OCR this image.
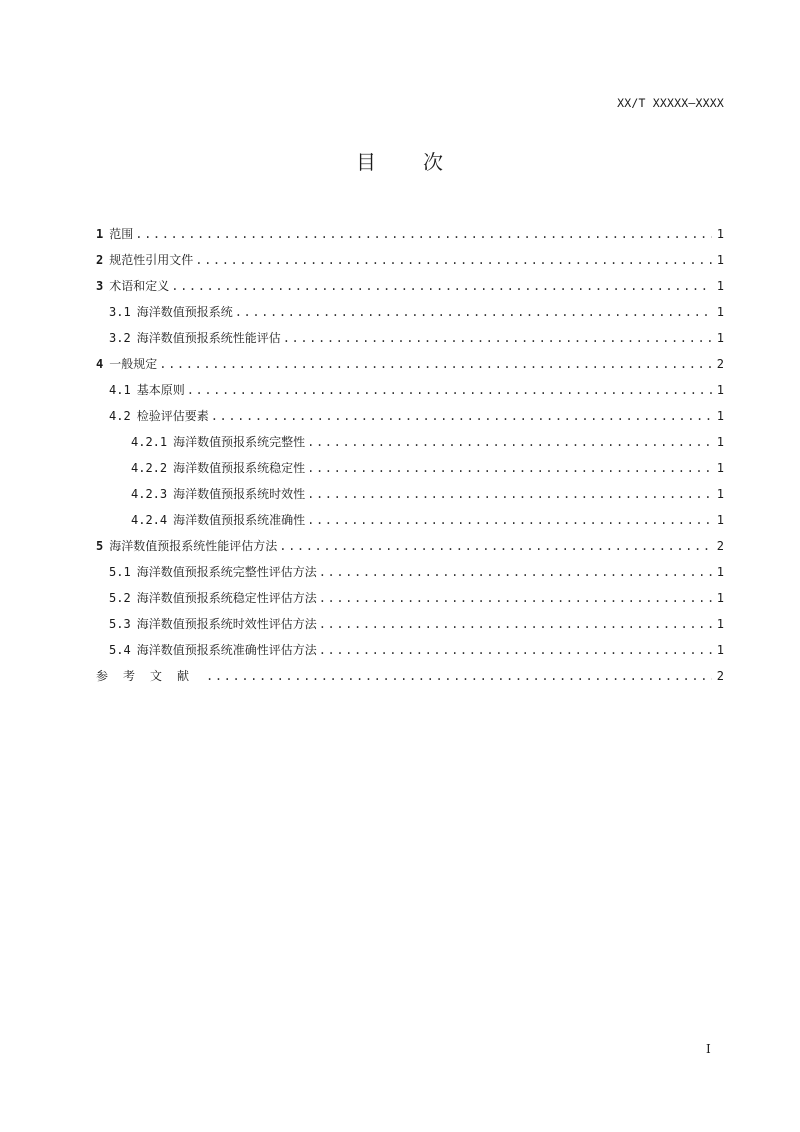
XX/T XXXXX—XXXX
目 次
1 范围 .....	1
2 规范性引用文件 .....	1
3 术语和定义 .....	1
3.1 海洋数值预报系统 .....	1
3.2 海洋数值预报系统性能评估 .....	1
4 一般规定 .....	2
4.1 基本原则 .....	1
4.2 检验评估要素 .....	1
4.2.1 海洋数值预报系统完整性 .....	1
4.2.2 海洋数值预报系统稳定性 .....	1
4.2.3 海洋数值预报系统时效性 .....	1
4.2.4 海洋数值预报系统准确性 .....	1
5 海洋数值预报系统性能评估方法 .....	2
5.1 海洋数值预报系统完整性评估方法 .....	1
5.2 海洋数值预报系统稳定性评估方法 .....	1
5.3 海洋数值预报系统时效性评估方法 .....	1
5.4 海洋数值预报系统准确性评估方法 .....	1
参考文献 .....	2
I
